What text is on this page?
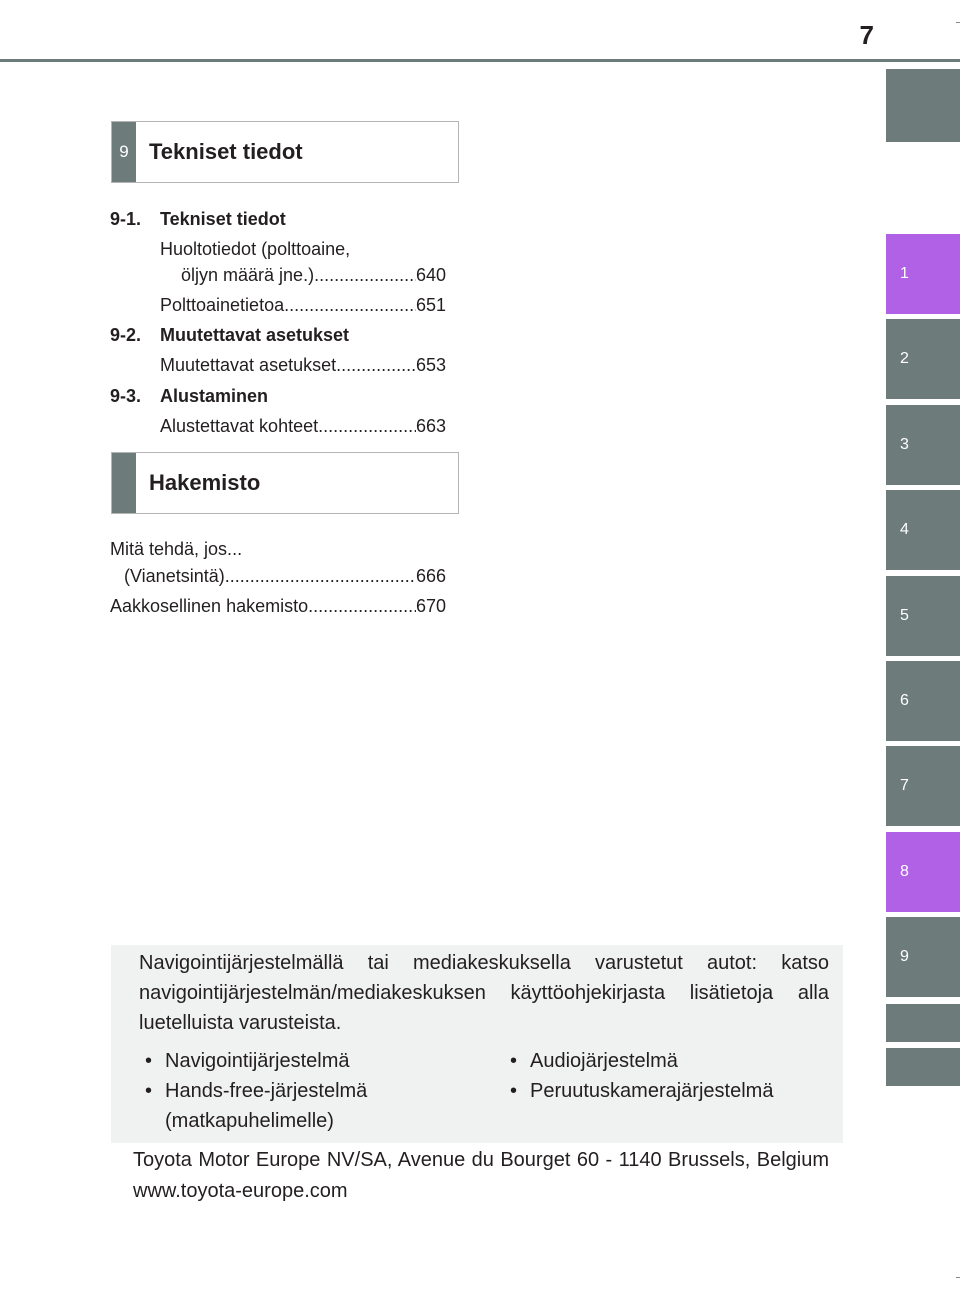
7
1
2
3
4
5
6
7
8
9
9 Tekniset tiedot
9-1. Tekniset tiedot
Huoltotiedot (polttoaine,
öljyn määrä jne.) .....	640
Polttoainetietoa .....	651
9-2. Muutettavat asetukset
Muutettavat asetukset .....	653
9-3. Alustaminen
Alustettavat kohteet .....	663
Hakemisto
Mitä tehdä, jos...
(Vianetsintä) .....	666
Aakkosellinen hakemisto .....	670
Navigointijärjestelmällä tai mediakeskuksella varustetut autot: katso navigointijärjestelmän/mediakeskuksen käyttöohjekirjasta lisätietoja alla luetelluista varusteista.
• Navigointijärjestelmä
• Hands-free-järjestelmä
(matkapuhelimelle)
• Audiojärjestelmä
• Peruutuskamerajärjestelmä
Toyota Motor Europe NV/SA, Avenue du Bourget 60 - 1140 Brussels, Belgium www.toyota-europe.com
